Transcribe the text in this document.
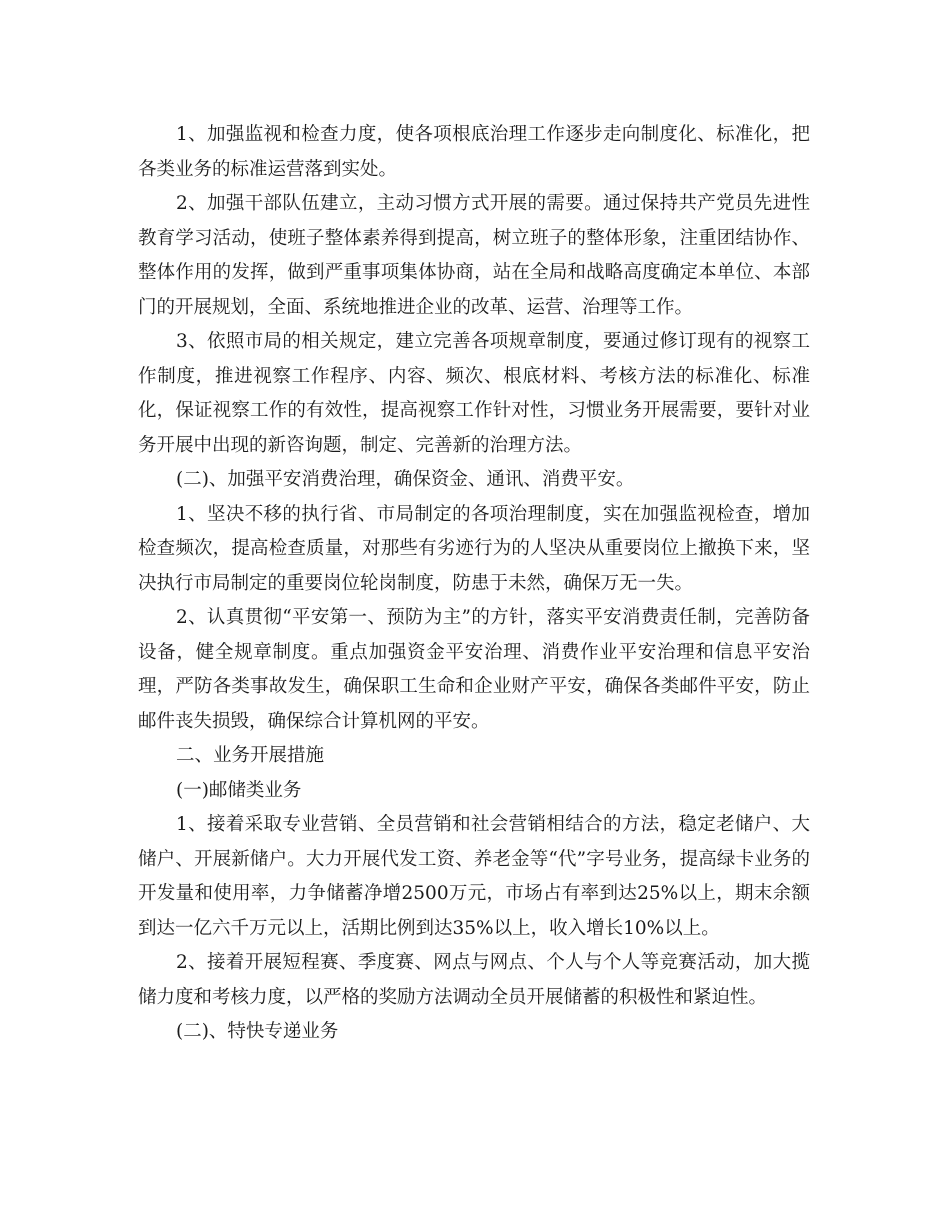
1、加强监视和检查力度，使各项根底治理工作逐步走向制度化、标准化，把各类业务的标准运营落到实处。

2、加强干部队伍建立，主动习惯方式开展的需要。通过保持共产党员先进性教育学习活动，使班子整体素养得到提高，树立班子的整体形象，注重团结协作、整体作用的发挥，做到严重事项集体协商，站在全局和战略高度确定本单位、本部门的开展规划，全面、系统地推进企业的改革、运营、治理等工作。

3、依照市局的相关规定，建立完善各项规章制度，要通过修订现有的视察工作制度，推进视察工作程序、内容、频次、根底材料、考核方法的标准化、标准化，保证视察工作的有效性，提高视察工作针对性，习惯业务开展需要，要针对业务开展中出现的新咨询题，制定、完善新的治理方法。

(二)、加强平安消费治理，确保资金、通讯、消费平安。

1、坚决不移的执行省、市局制定的各项治理制度，实在加强监视检查，增加检查频次，提高检查质量，对那些有劣迹行为的人坚决从重要岗位上撤换下来，坚决执行市局制定的重要岗位轮岗制度，防患于未然，确保万无一失。

2、认真贯彻“平安第一、预防为主”的方针，落实平安消费责任制，完善防备设备，健全规章制度。重点加强资金平安治理、消费作业平安治理和信息平安治理，严防各类事故发生，确保职工生命和企业财产平安，确保各类邮件平安，防止邮件丧失损毁，确保综合计算机网的平安。

二、业务开展措施

(一)邮储类业务

1、接着采取专业营销、全员营销和社会营销相结合的方法，稳定老储户、大储户、开展新储户。大力开展代发工资、养老金等“代”字号业务，提高绿卡业务的开发量和使用率，力争储蓄净增2500万元，市场占有率到达25%以上，期末余额到达一亿六千万元以上，活期比例到达35%以上，收入增长10%以上。

2、接着开展短程赛、季度赛、网点与网点、个人与个人等竞赛活动，加大揽储力度和考核力度，以严格的奖励方法调动全员开展储蓄的积极性和紧迫性。

(二)、特快专递业务
